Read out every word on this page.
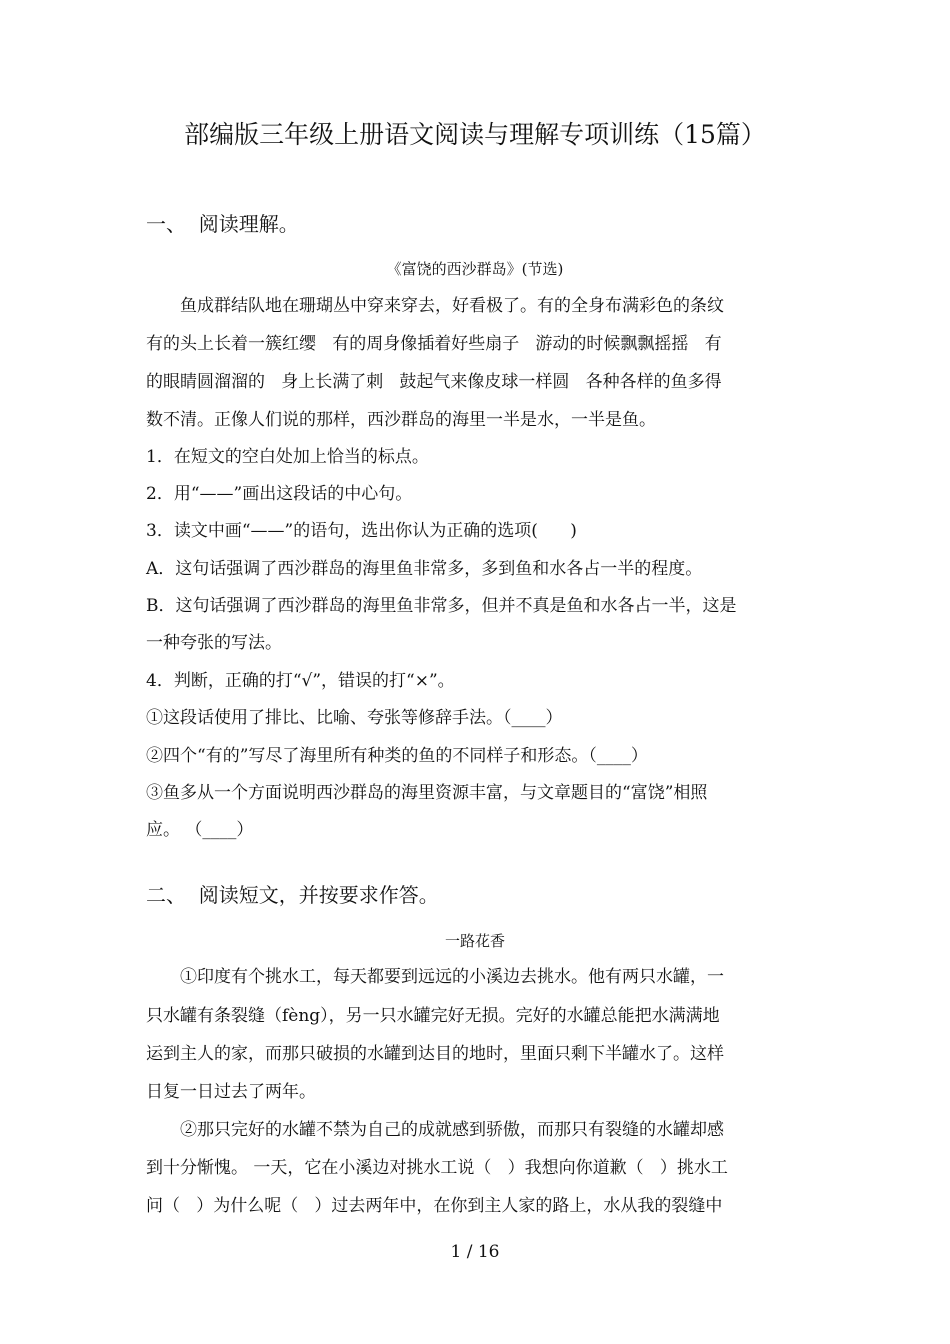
部编版三年级上册语文阅读与理解专项训练（15篇）
一、  阅读理解。
《富饶的西沙群岛》(节选)
鱼成群结队地在珊瑚丛中穿来穿去，好看极了。有的全身布满彩色的条纹
有的头上长着一簇红缨   有的周身像插着好些扇子   游动的时候飘飘摇摇   有
的眼睛圆溜溜的   身上长满了刺   鼓起气来像皮球一样圆   各种各样的鱼多得
数不清。正像人们说的那样，西沙群岛的海里一半是水，一半是鱼。
1．在短文的空白处加上恰当的标点。
2．用“——”画出这段话的中心句。
3．读文中画“——”的语句，选出你认为正确的选项(      )
A．这句话强调了西沙群岛的海里鱼非常多，多到鱼和水各占一半的程度。
B．这句话强调了西沙群岛的海里鱼非常多，但并不真是鱼和水各占一半，这是
一种夸张的写法。
4．判断，正确的打“√”，错误的打“×”。
①这段话使用了排比、比喻、夸张等修辞手法。（____）
②四个“有的”写尽了海里所有种类的鱼的不同样子和形态。（____）
③鱼多从一个方面说明西沙群岛的海里资源丰富，与文章题目的“富饶”相照
应。 （____）
二、  阅读短文，并按要求作答。
一路花香
①印度有个挑水工，每天都要到远远的小溪边去挑水。他有两只水罐，一
只水罐有条裂缝（fèng），另一只水罐完好无损。完好的水罐总能把水满满地
运到主人的家，而那只破损的水罐到达目的地时，里面只剩下半罐水了。这样
日复一日过去了两年。
②那只完好的水罐不禁为自己的成就感到骄傲，而那只有裂缝的水罐却感
到十分惭愧。 一天，它在小溪边对挑水工说（   ）我想向你道歉（   ）挑水工
问（   ）为什么呢（   ）过去两年中，在你到主人家的路上，水从我的裂缝中
1 / 16
